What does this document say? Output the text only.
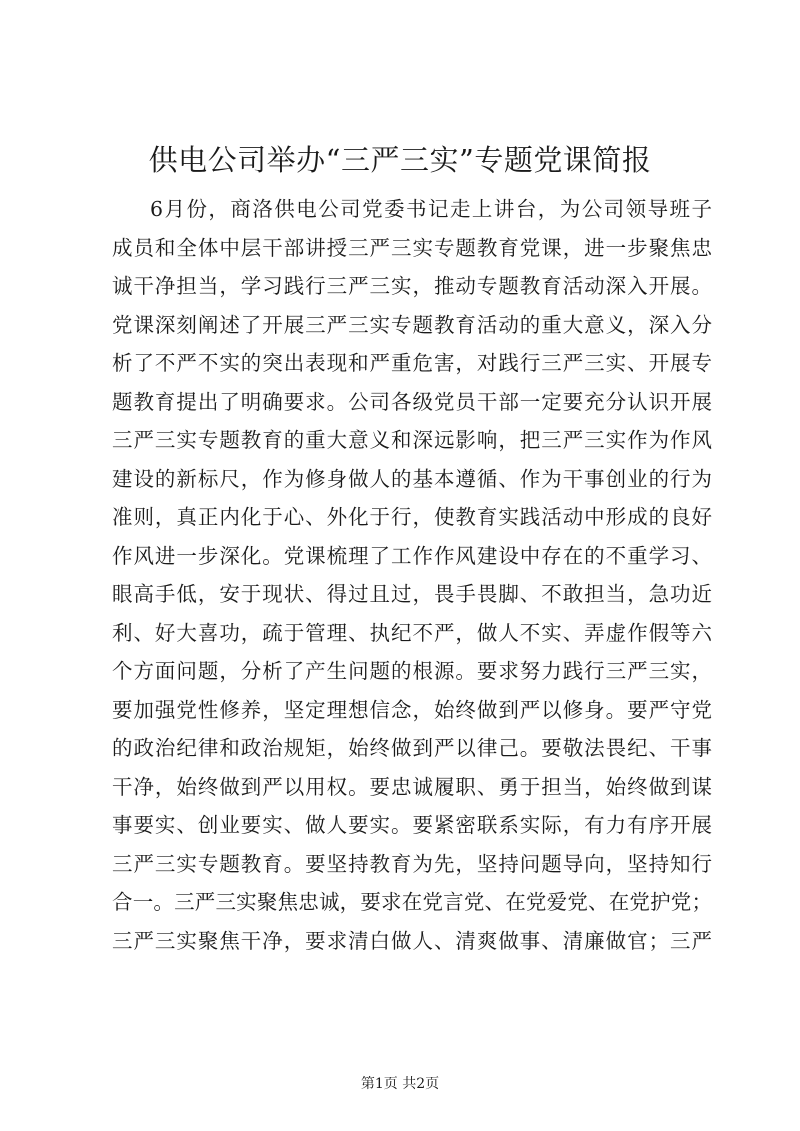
供电公司举办“三严三实”专题党课简报
6月份，商洛供电公司党委书记走上讲台，为公司领导班子
成员和全体中层干部讲授三严三实专题教育党课，进一步聚焦忠
诚干净担当，学习践行三严三实，推动专题教育活动深入开展。
党课深刻阐述了开展三严三实专题教育活动的重大意义，深入分
析了不严不实的突出表现和严重危害，对践行三严三实、开展专
题教育提出了明确要求。公司各级党员干部一定要充分认识开展
三严三实专题教育的重大意义和深远影响，把三严三实作为作风
建设的新标尺，作为修身做人的基本遵循、作为干事创业的行为
准则，真正内化于心、外化于行，使教育实践活动中形成的良好
作风进一步深化。党课梳理了工作作风建设中存在的不重学习、
眼高手低，安于现状、得过且过，畏手畏脚、不敢担当，急功近
利、好大喜功，疏于管理、执纪不严，做人不实、弄虚作假等六
个方面问题，分析了产生问题的根源。要求努力践行三严三实，
要加强党性修养，坚定理想信念，始终做到严以修身。要严守党
的政治纪律和政治规矩，始终做到严以律己。要敬法畏纪、干事
干净，始终做到严以用权。要忠诚履职、勇于担当，始终做到谋
事要实、创业要实、做人要实。要紧密联系实际，有力有序开展
三严三实专题教育。要坚持教育为先，坚持问题导向，坚持知行
合一。三严三实聚焦忠诚，要求在党言党、在党爱党、在党护党；
三严三实聚焦干净，要求清白做人、清爽做事、清廉做官；三严
第1页 共2页
